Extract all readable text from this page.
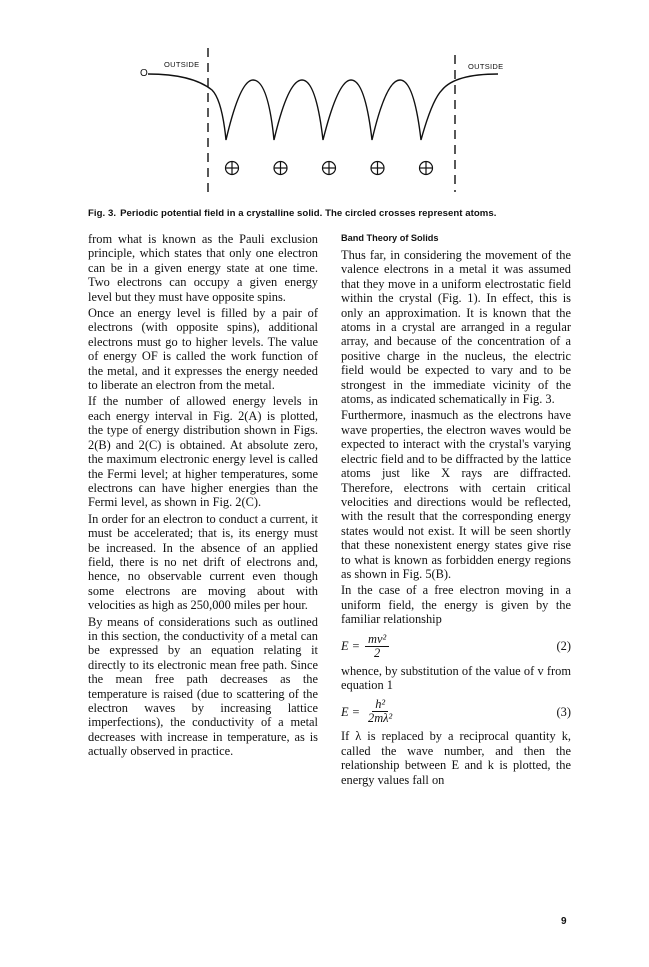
OUTSIDE	OUTSIDE
O
Fig. 3. Periodic potential field in a crystalline solid. The circled crosses represent atoms.

from what is known as the Pauli exclusion principle, which states that only one electron can be in a given energy state at one time. Two electrons can occupy a given energy level but they must have opposite spins.

Once an energy level is filled by a pair of electrons (with opposite spins), additional electrons must go to higher levels. The value of energy OF is called the work function of the metal, and it expresses the energy needed to liberate an electron from the metal.

If the number of allowed energy levels in each energy interval in Fig. 2(A) is plotted, the type of energy distribution shown in Figs. 2(B) and 2(C) is obtained. At absolute zero, the maximum electronic energy level is called the Fermi level; at higher temperatures, some electrons can have higher energies than the Fermi level, as shown in Fig. 2(C).

In order for an electron to conduct a current, it must be accelerated; that is, its energy must be increased. In the absence of an applied field, there is no net drift of electrons and, hence, no observable current even though some electrons are moving about with velocities as high as 250,000 miles per hour.

By means of considerations such as outlined in this section, the conductivity of a metal can be expressed by an equation relating it directly to its electronic mean free path. Since the mean free path decreases as the temperature is raised (due to scattering of the electron waves by increasing lattice imperfections), the conductivity of a metal decreases with increase in temperature, as is actually observed in practice.

Band Theory of Solids

Thus far, in considering the movement of the valence electrons in a metal it was assumed that they move in a uniform electrostatic field within the crystal (Fig. 1). In effect, this is only an approximation. It is known that the atoms in a crystal are arranged in a regular array, and because of the concentration of a positive charge in the nucleus, the electric field would be expected to vary and to be strongest in the immediate vicinity of the atoms, as indicated schematically in Fig. 3.

Furthermore, inasmuch as the electrons have wave properties, the electron waves would be expected to interact with the crystal's varying electric field and to be diffracted by the lattice atoms just like X rays are diffracted. Therefore, electrons with certain critical velocities and directions would be reflected, with the result that the corresponding energy states would not exist. It will be seen shortly that these nonexistent energy states give rise to what is known as forbidden energy regions as shown in Fig. 5(B).

In the case of a free electron moving in a uniform field, the energy is given by the familiar relationship

$E = \frac{\text{mv²}}{2}$	(2)

whence, by substitution of the value of v from equation 1

$E = \frac{\text{h²}}{\text{2mλ²}}$	(3)

If λ is replaced by a reciprocal quantity k, called the wave number, and then the relationship between E and k is plotted, the energy values fall on

9
